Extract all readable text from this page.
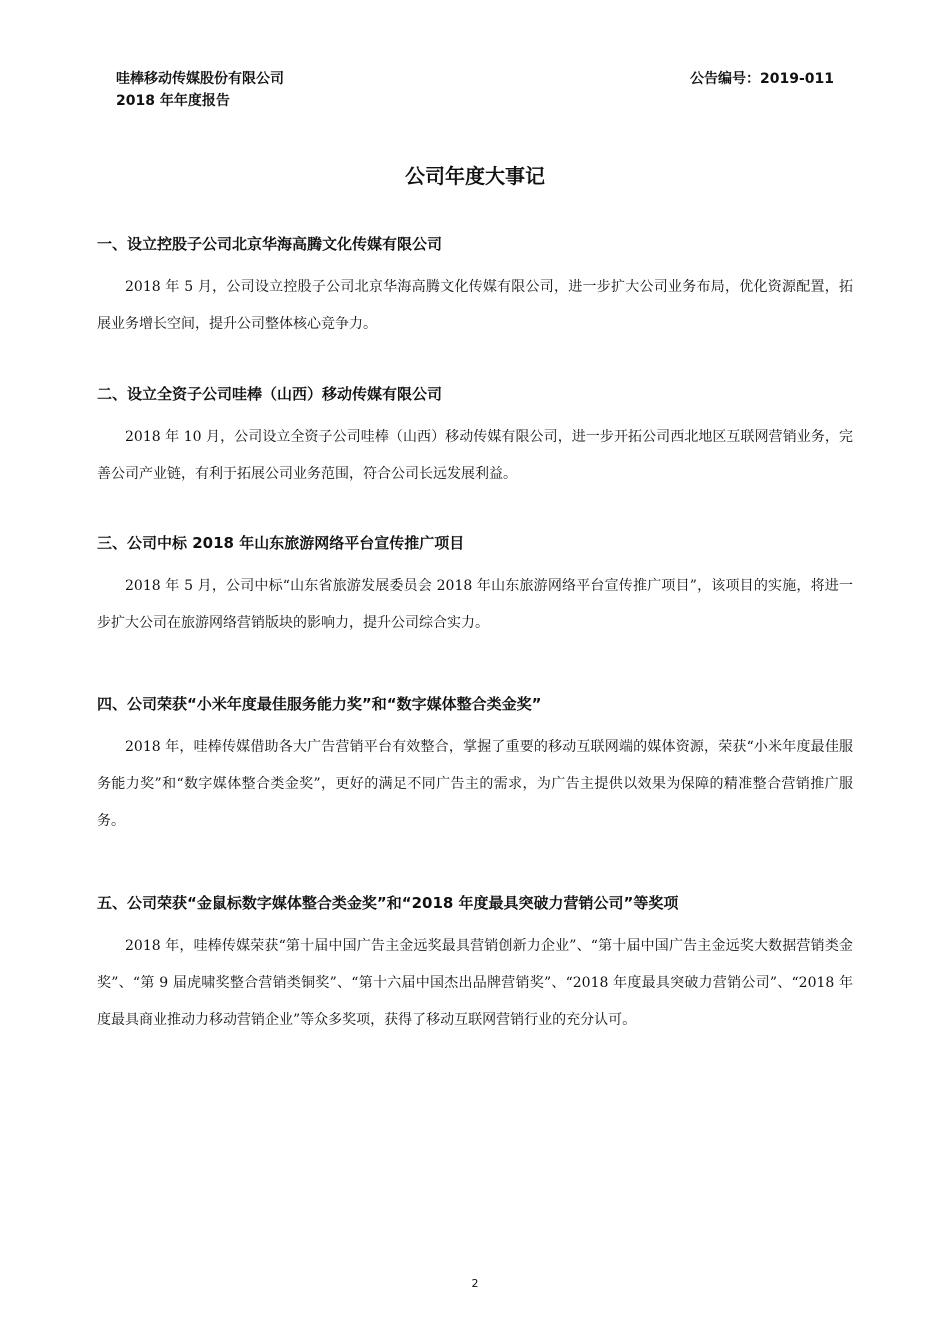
哇棒移动传媒股份有限公司
2018 年年度报告
公告编号：2019-011
公司年度大事记

一、设立控股子公司北京华海高腾文化传媒有限公司

2018 年 5 月，公司设立控股子公司北京华海高腾文化传媒有限公司，进一步扩大公司业务布局，优化资源配置，拓展业务增长空间，提升公司整体核心竞争力。

二、设立全资子公司哇棒（山西）移动传媒有限公司

2018 年 10 月，公司设立全资子公司哇棒（山西）移动传媒有限公司，进一步开拓公司西北地区互联网营销业务，完善公司产业链，有利于拓展公司业务范围，符合公司长远发展利益。

三、公司中标 2018 年山东旅游网络平台宣传推广项目

2018 年 5 月，公司中标“山东省旅游发展委员会 2018 年山东旅游网络平台宣传推广项目”，该项目的实施，将进一步扩大公司在旅游网络营销版块的影响力，提升公司综合实力。

四、公司荣获“小米年度最佳服务能力奖”和“数字媒体整合类金奖”

2018 年，哇棒传媒借助各大广告营销平台有效整合，掌握了重要的移动互联网端的媒体资源，荣获“小米年度最佳服务能力奖”和“数字媒体整合类金奖”，更好的满足不同广告主的需求，为广告主提供以效果为保障的精准整合营销推广服务。

五、公司荣获“金鼠标数字媒体整合类金奖”和“2018 年度最具突破力营销公司”等奖项

2018 年，哇棒传媒荣获“第十届中国广告主金远奖最具营销创新力企业”、“第十届中国广告主金远奖大数据营销类金奖”、“第 9 届虎啸奖整合营销类铜奖”、“第十六届中国杰出品牌营销奖”、“2018 年度最具突破力营销公司”、“2018 年度最具商业推动力移动营销企业”等众多奖项，获得了移动互联网营销行业的充分认可。

2
